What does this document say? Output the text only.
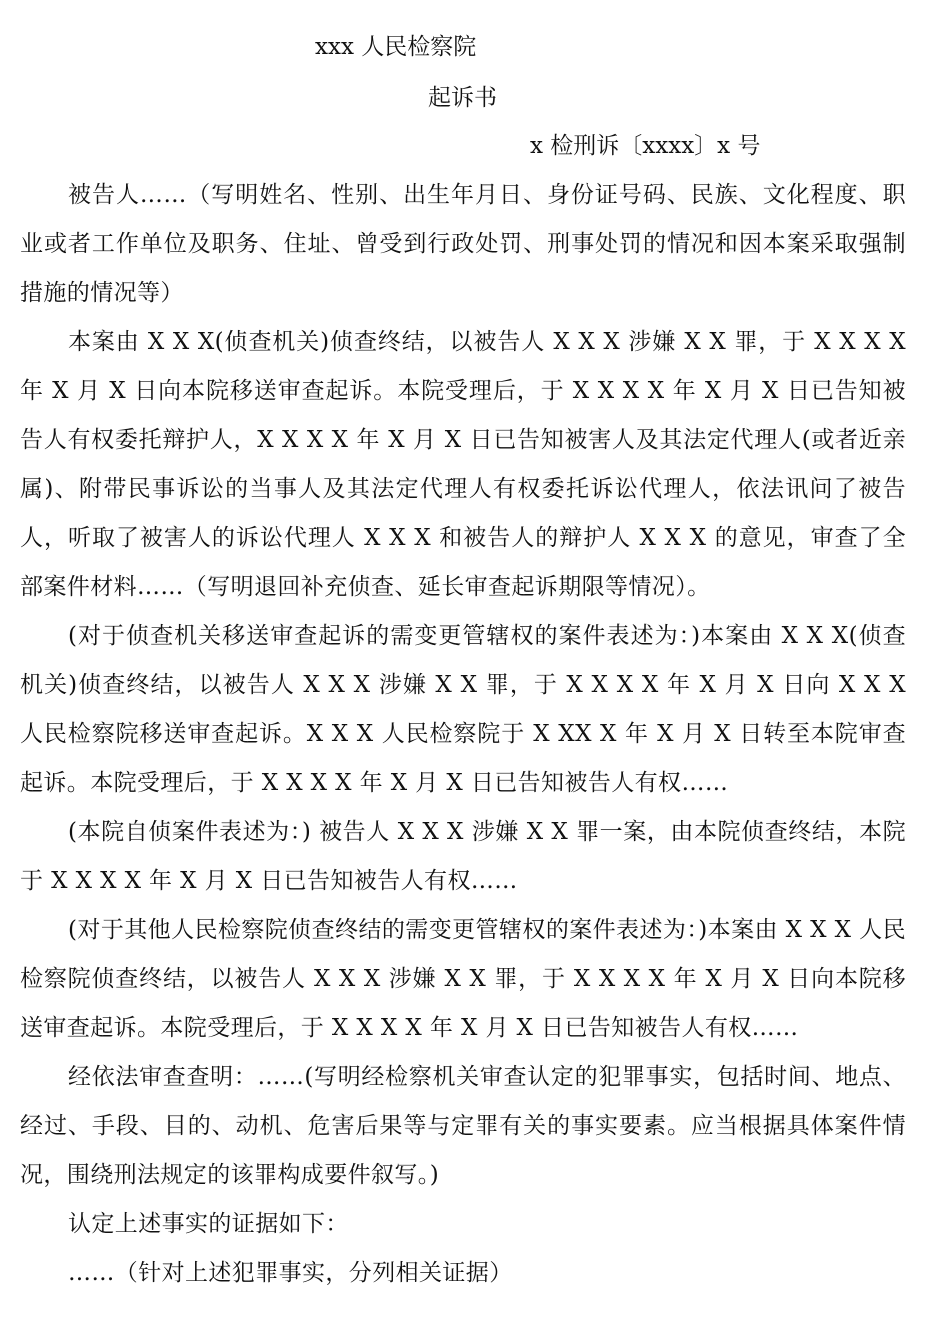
xxx 人民检察院
起诉书
x 检刑诉〔xxxx〕x 号

被告人……（写明姓名、性别、出生年月日、身份证号码、民族、文化程度、职业或者工作单位及职务、住址、曾受到行政处罚、刑事处罚的情况和因本案采取强制措施的情况等）

本案由 X X X(侦查机关)侦查终结，以被告人 X X X 涉嫌 X X 罪，于 X X X X 年 X 月 X 日向本院移送审查起诉。本院受理后，于 X X X X 年 X 月 X 日已告知被告人有权委托辩护人，X X X X 年 X 月 X 日已告知被害人及其法定代理人(或者近亲属)、附带民事诉讼的当事人及其法定代理人有权委托诉讼代理人，依法讯问了被告人，听取了被害人的诉讼代理人 X X X 和被告人的辩护人 X X X 的意见，审查了全部案件材料……（写明退回补充侦查、延长审查起诉期限等情况）。

(对于侦查机关移送审查起诉的需变更管辖权的案件表述为：)本案由 X X X(侦查机关)侦查终结，以被告人 X X X 涉嫌 X X 罪，于 X X X X 年 X 月 X 日向 X X X 人民检察院移送审查起诉。X X X 人民检察院于 X XX X 年 X 月 X 日转至本院审查起诉。本院受理后，于 X X X X 年 X 月 X 日已告知被告人有权……

(本院自侦案件表述为：) 被告人 X X X 涉嫌 X X 罪一案，由本院侦查终结，本院于 X X X X 年 X 月 X 日已告知被告人有权……

(对于其他人民检察院侦查终结的需变更管辖权的案件表述为：)本案由 X X X 人民检察院侦查终结，以被告人 X X X 涉嫌 X X 罪，于 X X X X 年 X 月 X 日向本院移送审查起诉。本院受理后，于 X X X X 年 X 月 X 日已告知被告人有权……

经依法审查查明：……(写明经检察机关审查认定的犯罪事实，包括时间、地点、经过、手段、目的、动机、危害后果等与定罪有关的事实要素。应当根据具体案件情况，围绕刑法规定的该罪构成要件叙写。)

认定上述事实的证据如下：

……（针对上述犯罪事实，分列相关证据）
